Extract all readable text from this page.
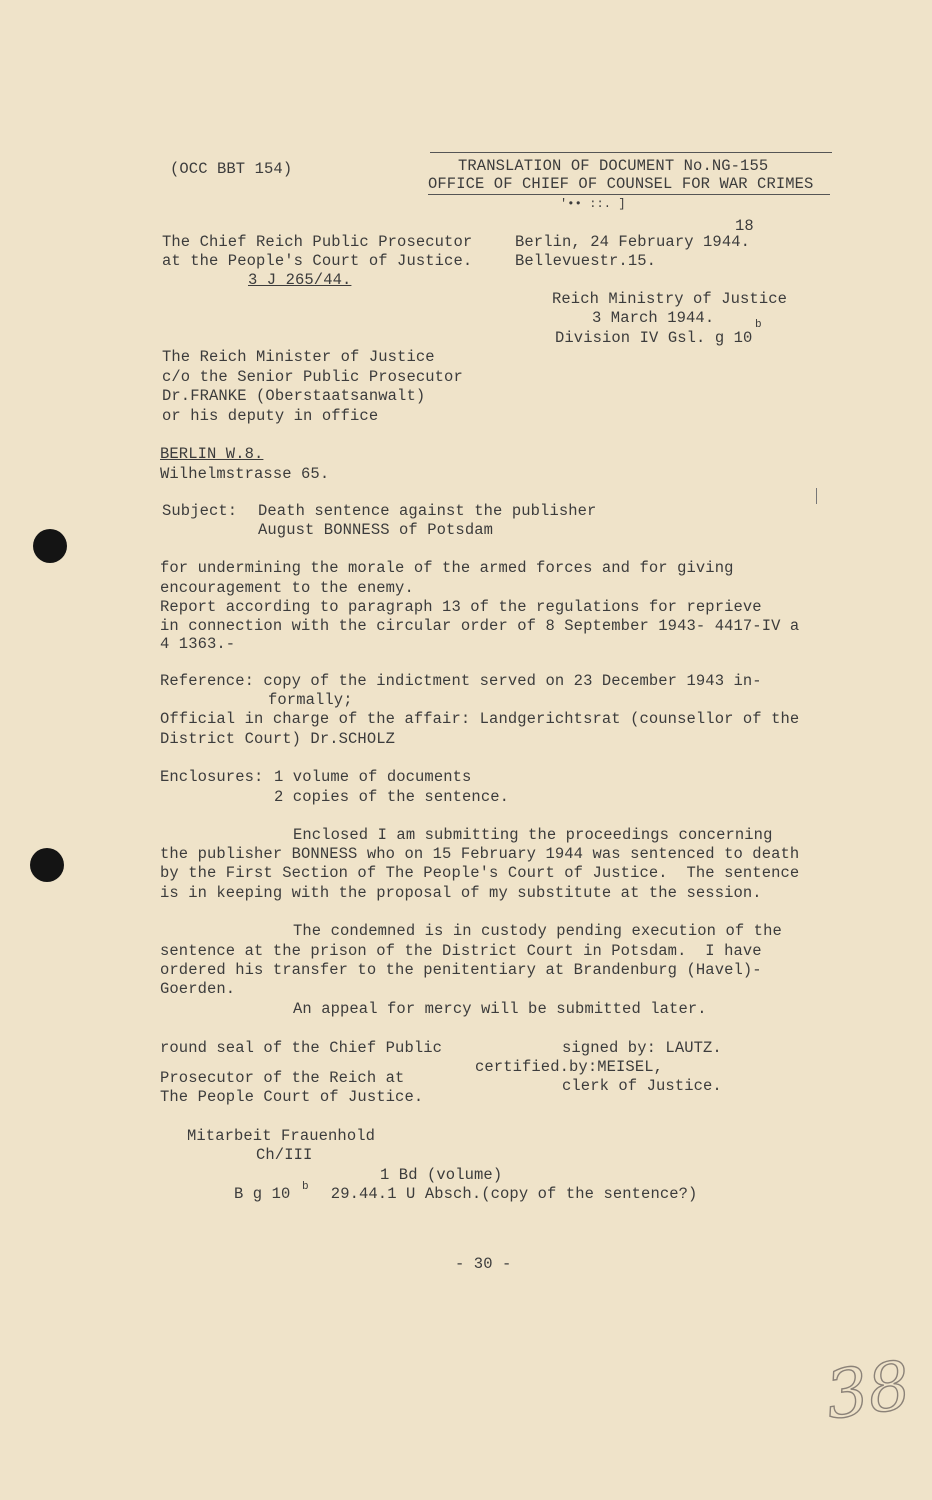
(OCC BBT 154)	TRANSLATION OF DOCUMENT No.NG-155
OFFICE OF CHIEF OF COUNSEL FOR WAR CRIMES
'•• ::. ]
The Chief Reich Public Prosecutor
at the People's Court of Justice.
3 J 265/44.
18
Berlin, 24 February 1944.
Bellevuestr.15.
Reich Ministry of Justice
3 March 1944.	b
Division IV Gsl. g 10
The Reich Minister of Justice
c/o the Senior Public Prosecutor
Dr.FRANKE (Oberstaatsanwalt)
or his deputy in office
BERLIN W.8.
Wilhelmstrasse 65.
Subject: Death sentence against the publisher
August BONNESS of Potsdam
for undermining the morale of the armed forces and for giving
encouragement to the enemy.
Report according to paragraph 13 of the regulations for reprieve
in connection with the circular order of 8 September 1943- 4417-IV a
4 1363.-
Reference: copy of the indictment served on 23 December 1943 in-
formally;
Official in charge of the affair: Landgerichtsrat (counsellor of the
District Court) Dr.SCHOLZ
Enclosures: 1 volume of documents
2 copies of the sentence.
Enclosed I am submitting the proceedings concerning
the publisher BONNESS who on 15 February 1944 was sentenced to death
by the First Section of The People's Court of Justice.  The sentence
is in keeping with the proposal of my substitute at the session.
The condemned is in custody pending execution of the
sentence at the prison of the District Court in Potsdam.  I have
ordered his transfer to the penitentiary at Brandenburg (Havel)-
Goerden.
An appeal for mercy will be submitted later.
round seal of the Chief Public
Prosecutor of the Reich at
The People Court of Justice.
signed by: LAUTZ.
certified.by:MEISEL,
clerk of Justice.
Mitarbeit Frauenhold
Ch/III
1 Bd (volume)
B g 10 b 29.44.1 U Absch.(copy of the sentence?)
- 30 -
38
